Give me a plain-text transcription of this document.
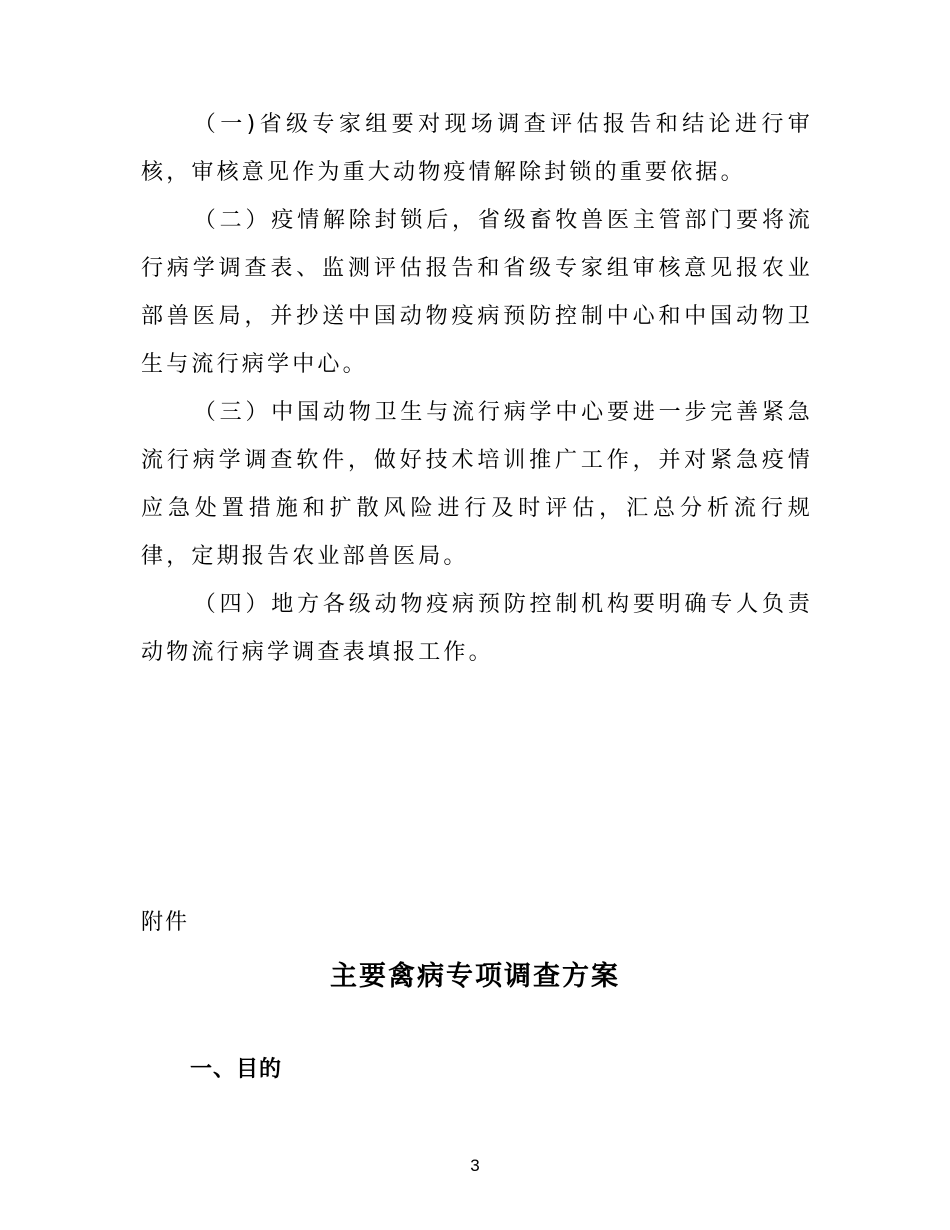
（一)省级专家组要对现场调查评估报告和结论进行审核，审核意见作为重大动物疫情解除封锁的重要依据。

（二）疫情解除封锁后，省级畜牧兽医主管部门要将流行病学调查表、监测评估报告和省级专家组审核意见报农业部兽医局，并抄送中国动物疫病预防控制中心和中国动物卫生与流行病学中心。

（三）中国动物卫生与流行病学中心要进一步完善紧急流行病学调查软件，做好技术培训推广工作，并对紧急疫情应急处置措施和扩散风险进行及时评估，汇总分析流行规律，定期报告农业部兽医局。

（四）地方各级动物疫病预防控制机构要明确专人负责动物流行病学调查表填报工作。

附件
主要禽病专项调查方案
一、目的
3
